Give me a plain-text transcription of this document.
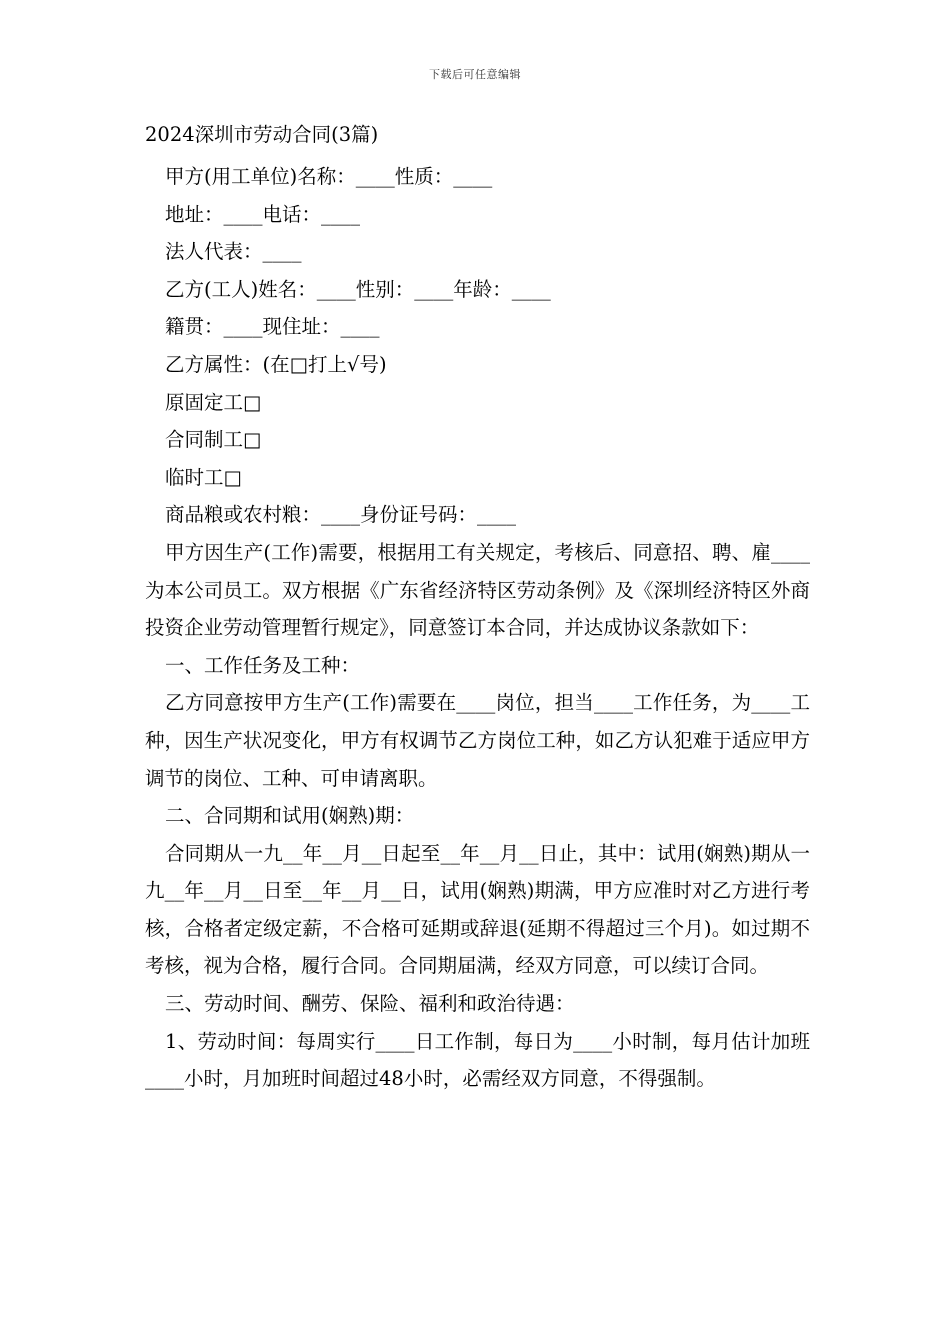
下载后可任意编辑
2024深圳市劳动合同(3篇)
甲方(用工单位)名称：____性质：____
地址：____电话：____
法人代表：____
乙方(工人)姓名：____性别：____年龄：____
籍贯：____现住址：____
乙方属性：(在□打上√号)
原固定工□
合同制工□
临时工□
商品粮或农村粮：____身份证号码：____
甲方因生产(工作)需要，根据用工有关规定，考核后、同意招、聘、雇____为本公司员工。双方根据《广东省经济特区劳动条例》及《深圳经济特区外商投资企业劳动管理暂行规定》，同意签订本合同，并达成协议条款如下：
一、工作任务及工种：
乙方同意按甲方生产(工作)需要在____岗位，担当____工作任务，为____工种，因生产状况变化，甲方有权调节乙方岗位工种，如乙方认犯难于适应甲方调节的岗位、工种、可申请离职。
二、合同期和试用(娴熟)期：
合同期从一九__年__月__日起至__年__月__日止，其中：试用(娴熟)期从一九__年__月__日至__年__月__日，试用(娴熟)期满，甲方应准时对乙方进行考核，合格者定级定薪，不合格可延期或辞退(延期不得超过三个月)。如过期不考核，视为合格，履行合同。合同期届满，经双方同意，可以续订合同。
三、劳动时间、酬劳、保险、福利和政治待遇：
1、劳动时间：每周实行____日工作制，每日为____小时制，每月估计加班____小时，月加班时间超过48小时，必需经双方同意，不得强制。
